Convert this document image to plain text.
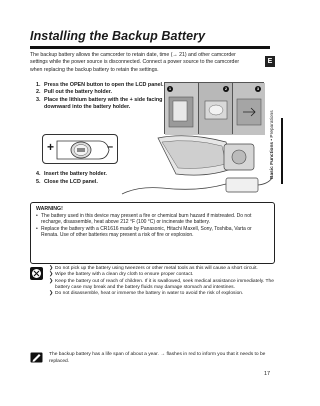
Installing the Backup Battery
The backup battery allows the camcorder to retain date, time (→ 21) and other camcorder settings while the power source is disconnected. Connect a power source to the camcorder when replacing the backup battery to retain the settings.
E
Basic Functions • Preparations
1. Press the OPEN button to open the LCD panel.
2. Pull out the battery holder.
3. Place the lithium battery with the + side facing downward into the battery holder.
+	–
4. Insert the battery holder.
5. Close the LCD panel.
1	2	3
WARNING!
• The battery used in this device may present a fire or chemical burn hazard if mistreated. Do not recharge, disassemble, heat above 212 °F (100 °C) or incinerate the battery.
• Replace the battery with a CR1616 made by Panasonic, Hitachi Maxell, Sony, Toshiba, Varta or Renata. Use of other batteries may present a risk of fire or explosion.
❯ Do not pick up the battery using tweezers or other metal tools as this will cause a short circuit.
❯ Wipe the battery with a clean dry cloth to ensure proper contact.
❯ Keep the battery out of reach of children. If it is swallowed, seek medical assistance immediately. The battery case may break and the battery fluids may damage stomach and intestines.
❯ Do not disassemble, heat or immerse the battery in water to avoid the risk of explosion.
The backup battery has a life span of about a year. → flashes in red to inform you that it needs to be replaced.
17
